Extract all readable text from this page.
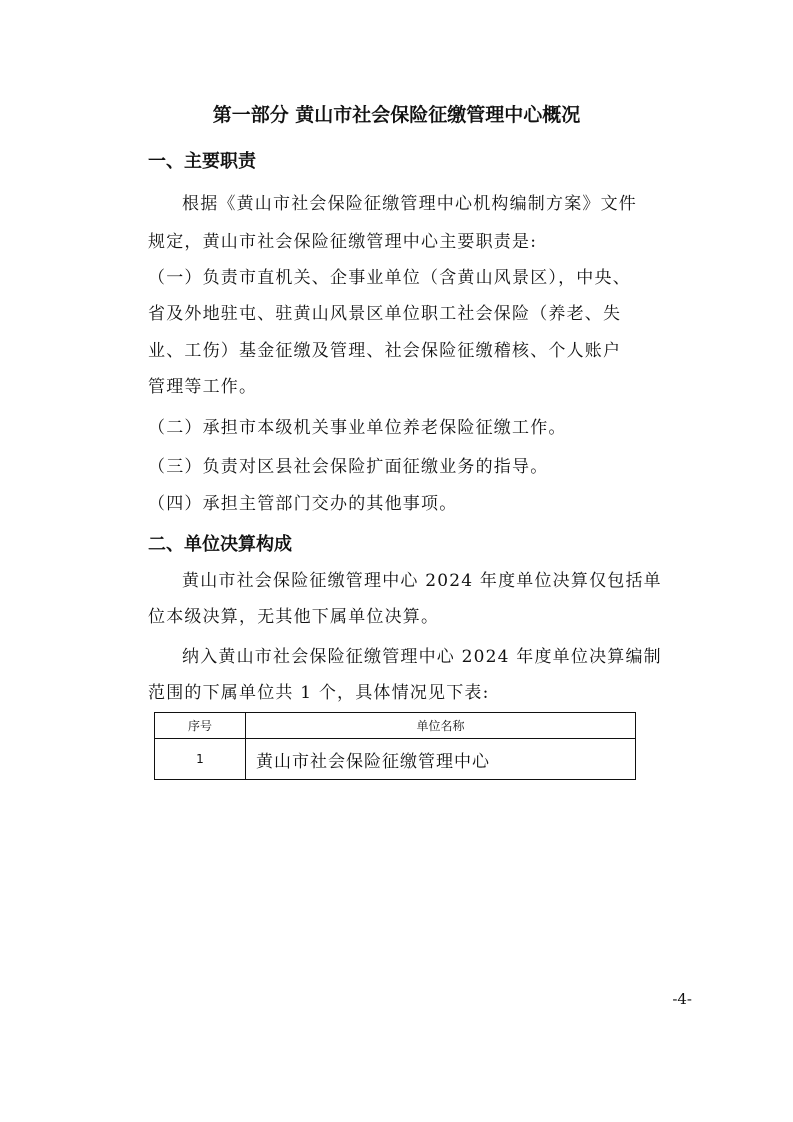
第一部分 黄山市社会保险征缴管理中心概况
一、主要职责
根据《黄山市社会保险征缴管理中心机构编制方案》文件
规定，黄山市社会保险征缴管理中心主要职责是:
（一）负责市直机关、企事业单位（含黄山风景区），中央、
省及外地驻屯、驻黄山风景区单位职工社会保险（养老、失
业、工伤）基金征缴及管理、社会保险征缴稽核、个人账户
管理等工作。
（二）承担市本级机关事业单位养老保险征缴工作。
（三）负责对区县社会保险扩面征缴业务的指导。
（四）承担主管部门交办的其他事项。
二、单位决算构成
黄山市社会保险征缴管理中心 2024 年度单位决算仅包括单
位本级决算，无其他下属单位决算。
纳入黄山市社会保险征缴管理中心 2024 年度单位决算编制
范围的下属单位共 1 个，具体情况见下表:
序号	单位名称
1	黄山市社会保险征缴管理中心
-4-
